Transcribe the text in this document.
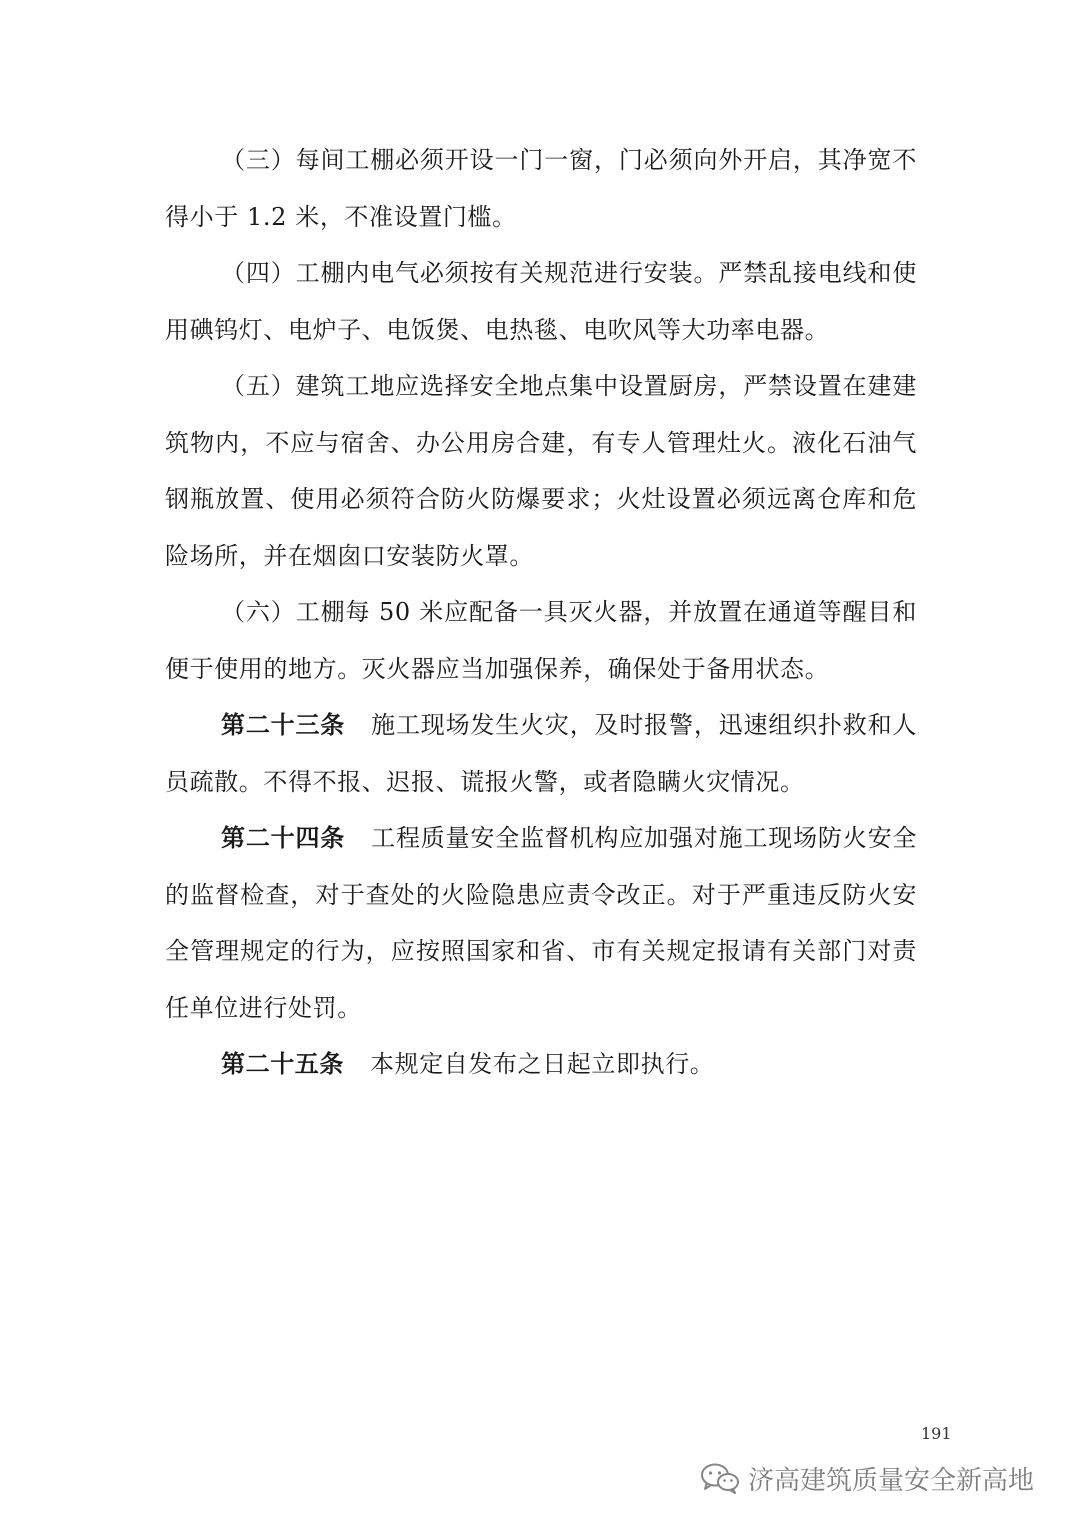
（三）每间工棚必须开设一门一窗，门必须向外开启，其净宽不得小于 1.2 米，不准设置门槛。

（四）工棚内电气必须按有关规范进行安装。严禁乱接电线和使用碘钨灯、电炉子、电饭煲、电热毯、电吹风等大功率电器。

（五）建筑工地应选择安全地点集中设置厨房，严禁设置在建建筑物内，不应与宿舍、办公用房合建，有专人管理灶火。液化石油气钢瓶放置、使用必须符合防火防爆要求；火灶设置必须远离仓库和危险场所，并在烟囱口安装防火罩。

（六）工棚每 50 米应配备一具灭火器，并放置在通道等醒目和便于使用的地方。灭火器应当加强保养，确保处于备用状态。

第二十三条 施工现场发生火灾，及时报警，迅速组织扑救和人员疏散。不得不报、迟报、谎报火警，或者隐瞒火灾情况。

第二十四条 工程质量安全监督机构应加强对施工现场防火安全的监督检查，对于查处的火险隐患应责令改正。对于严重违反防火安全管理规定的行为，应按照国家和省、市有关规定报请有关部门对责任单位进行处罚。

第二十五条 本规定自发布之日起立即执行。

191
济高建筑质量安全新高地
